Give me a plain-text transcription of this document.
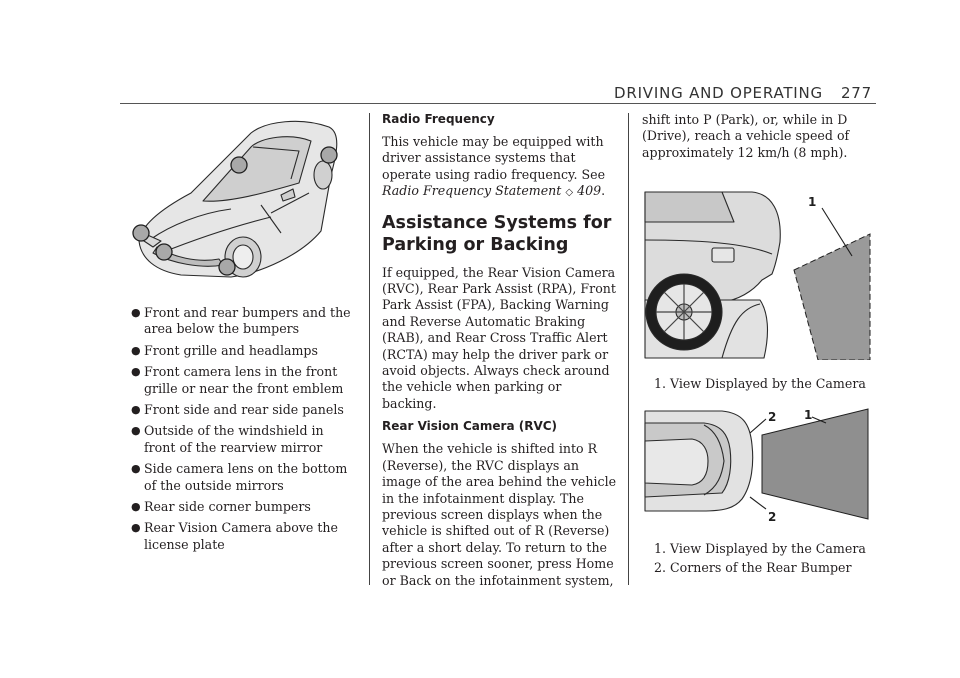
DRIVING AND OPERATING 277
● Front and rear bumpers and the area below the bumpers
● Front grille and headlamps
● Front camera lens in the front grille or near the front emblem
● Front side and rear side panels
● Outside of the windshield in front of the rearview mirror
● Side camera lens on the bottom of the outside mirrors
● Rear side corner bumpers
● Rear Vision Camera above the license plate
Radio Frequency

This vehicle may be equipped with driver assistance systems that operate using radio frequency. See Radio Frequency Statement ◇ 409.

Assistance Systems for Parking or Backing

If equipped, the Rear Vision Camera (RVC), Rear Park Assist (RPA), Front Park Assist (FPA), Backing Warning and Reverse Automatic Braking (RAB), and Rear Cross Traffic Alert (RCTA) may help the driver park or avoid objects. Always check around the vehicle when parking or backing.

Rear Vision Camera (RVC)

When the vehicle is shifted into R (Reverse), the RVC displays an image of the area behind the vehicle in the infotainment display. The previous screen displays when the vehicle is shifted out of R (Reverse) after a short delay. To return to the previous screen sooner, press Home or Back on the infotainment system,

shift into P (Park), or, while in D (Drive), reach a vehicle speed of approximately 12 km/h (8 mph).

1
1. View Displayed by the Camera
2 1
2
1. View Displayed by the Camera
2. Corners of the Rear Bumper
